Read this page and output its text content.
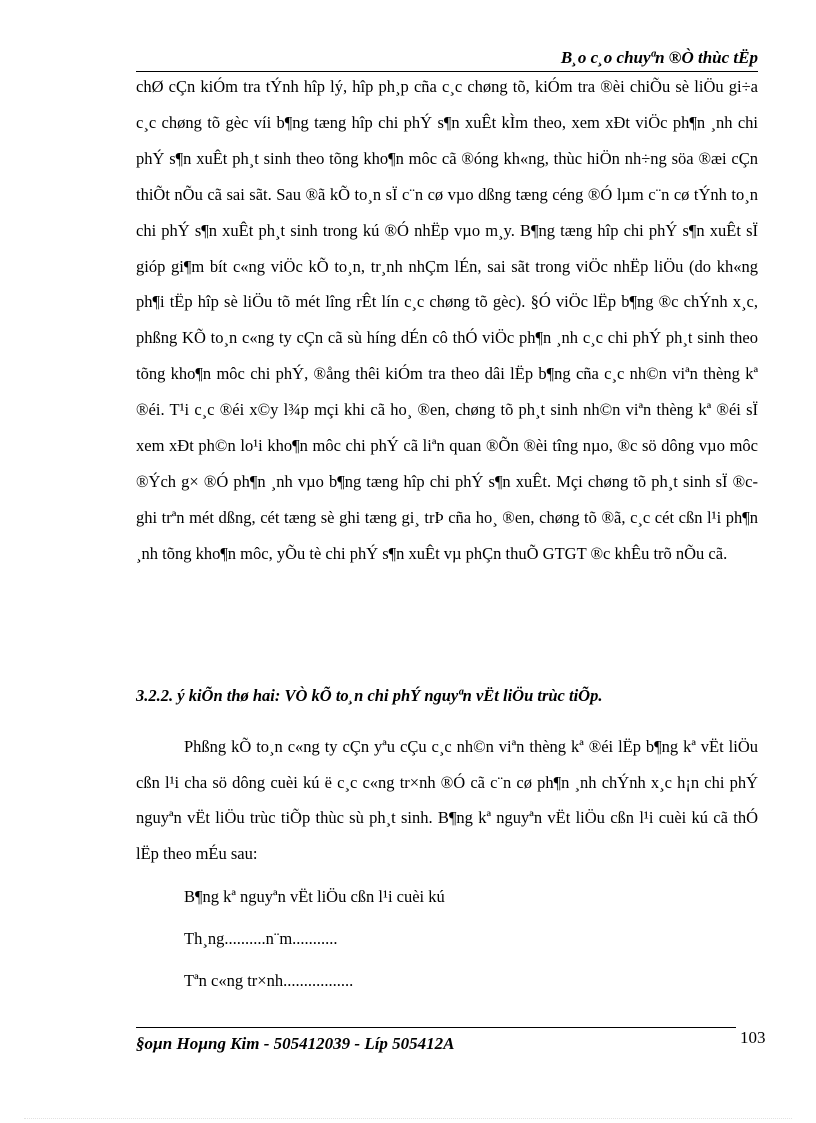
B¸o c¸o chuyªn ®Ò thùc tËp

chØ cÇn kiÓm tra tÝnh hîp lý, hîp ph¸p cña c¸c chøng tõ, kiÓm tra ®èi chiÕu sè liÖu gi÷a c¸c chøng tõ gèc víi b¶ng tæng hîp chi phÝ s¶n xuÊt kÌm theo, xem xÐt viÖc ph¶n ¸nh chi phÝ s¶n xuÊt ph¸t sinh theo tõng kho¶n môc cã ®óng kh«ng, thùc hiÖn nh÷ng söa ®æi cÇn thiÕt nÕu cã sai sãt. Sau ®ã kÕ to¸n sÏ c¨n cø vµo dßng tæng céng ®Ó lµm c¨n cø tÝnh to¸n chi phÝ s¶n xuÊt ph¸t sinh trong kú ®Ó nhËp vµo m¸y. B¶ng tæng hîp chi phÝ s¶n xuÊt sÏ gióp gi¶m bít c«ng viÖc kÕ to¸n, tr¸nh nhÇm lÉn, sai sãt trong viÖc nhËp liÖu (do kh«ng ph¶i tËp hîp sè liÖu tõ mét lîng rÊt lín c¸c chøng tõ gèc). §Ó viÖc lËp b¶ng ®c chÝnh x¸c, phßng KÕ to¸n c«ng ty cÇn cã sù híng dÉn cô thÓ viÖc ph¶n ¸nh c¸c chi phÝ ph¸t sinh theo tõng kho¶n môc chi phÝ, ®ång thêi kiÓm tra theo dâi lËp b¶ng cña c¸c nh©n viªn thèng kª ®éi. T¹i c¸c ®éi x©y l¾p mçi khi cã ho¸ ®en, chøng tõ ph¸t sinh nh©n viªn thèng kª ®éi sÏ xem xÐt ph©n lo¹i kho¶n môc chi phÝ cã liªn quan ®Õn ®èi tîng nµo, ®c sö dông vµo môc ®Ých g× ®Ó ph¶n ¸nh vµo b¶ng tæng hîp chi phÝ s¶n xuÊt. Mçi chøng tõ ph¸t sinh sÏ ®c ghi trªn mét dßng, cét tæng sè ghi tæng gi¸ trÞ cña ho¸ ®en, chøng tõ ®ã, c¸c cét cßn l¹i ph¶n ¸nh tõng kho¶n môc, yÕu tè chi phÝ s¶n xuÊt vµ phÇn thuÕ GTGT ®c khÊu trõ nÕu cã.

3.2.2. ý kiÕn thø hai: VÒ kÕ to¸n chi phÝ nguyªn vËt liÖu trùc tiÕp.

Phßng kÕ to¸n c«ng ty cÇn yªu cÇu c¸c nh©n viªn thèng kª ®éi lËp b¶ng kª vËt liÖu cßn l¹i cha sö dông cuèi kú ë c¸c c«ng tr×nh ®Ó cã c¨n cø ph¶n ¸nh chÝnh x¸c h¡n chi phÝ nguyªn vËt liÖu trùc tiÕp thùc sù ph¸t sinh. B¶ng kª nguyªn vËt liÖu cßn l¹i cuèi kú cã thÓ lËp theo mÉu sau:

B¶ng kª nguyªn vËt liÖu cßn l¹i cuèi kú
Th¸ng..........n¨m...........
Tªn c«ng tr×nh.................
§oµn Hoµng Kim - 505412039 - Líp 505412A	103
